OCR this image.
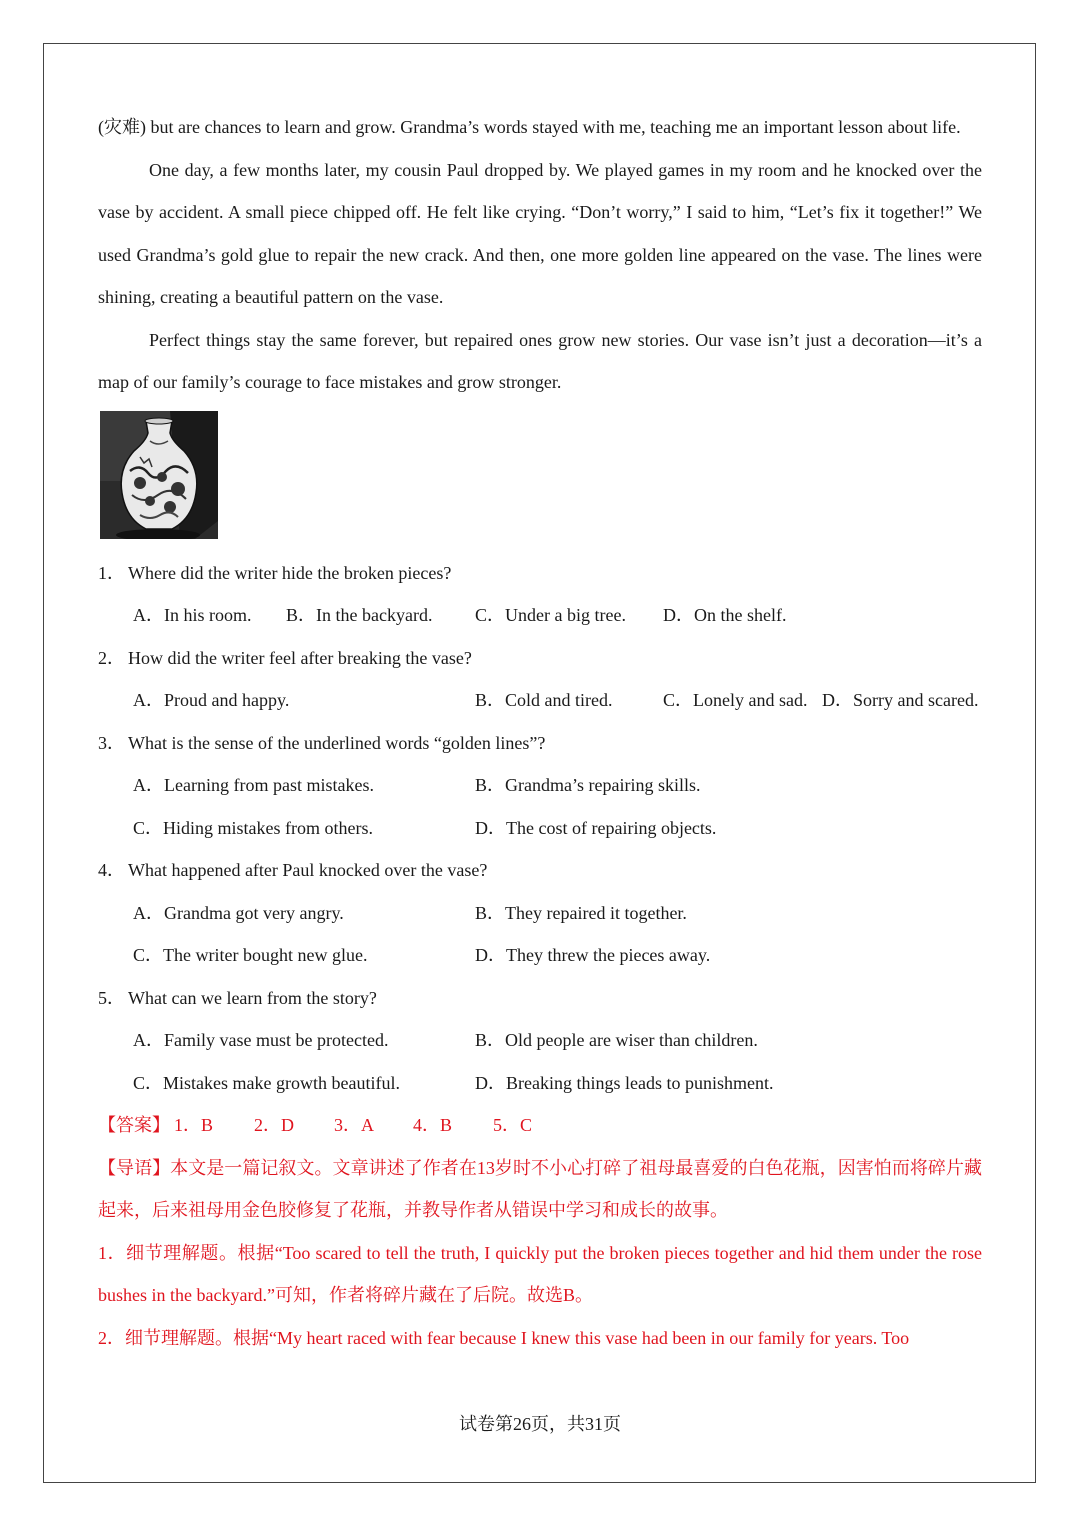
(灾难) but are chances to learn and grow. Grandma’s words stayed with me, teaching me an important lesson about life.

One day, a few months later, my cousin Paul dropped by. We played games in my room and he knocked over the vase by accident. A small piece chipped off. He felt like crying. “Don’t worry,” I said to him, “Let’s fix it together!” We used Grandma’s gold glue to repair the new crack. And then, one more golden line appeared on the vase. The lines were shining, creating a beautiful pattern on the vase.

Perfect things stay the same forever, but repaired ones grow new stories. Our vase isn’t just a decoration—it’s a map of our family’s courage to face mistakes and grow stronger.

1． Where did the writer hide the broken pieces?

A．In his room. B．In the backyard. C．Under a big tree. D．On the shelf.

2． How did the writer feel after breaking the vase?

A．Proud and happy.	B．Cold and tired.	C．Lonely and sad. D．Sorry and scared.

3． What is the sense of the underlined words “golden lines”?

A．Learning from past mistakes.	B．Grandma’s repairing skills.
C．Hiding mistakes from others.	D．The cost of repairing objects.

4． What happened after Paul knocked over the vase?

A．Grandma got very angry.	B．They repaired it together.
C．The writer bought new glue.	D．They threw the pieces away.

5． What can we learn from the story?

A．Family vase must be protected.	B．Old people are wiser than children.
C．Mistakes make growth beautiful.	D．Breaking things leads to punishment.
【答案】 1．B 2．D 3．A 4．B 5．C

【导语】本文是一篇记叙文。文章讲述了作者在13岁时不小心打碎了祖母最喜爱的白色花瓶，因害怕而将碎片藏起来，后来祖母用金色胶修复了花瓶，并教导作者从错误中学习和成长的故事。

1．细节理解题。根据“Too scared to tell the truth, I quickly put the broken pieces together and hid them under the rose bushes in the backyard.”可知，作者将碎片藏在了后院。故选B。

2．细节理解题。根据“My heart raced with fear because I knew this vase had been in our family for years. Too

试卷第26页，共31页
